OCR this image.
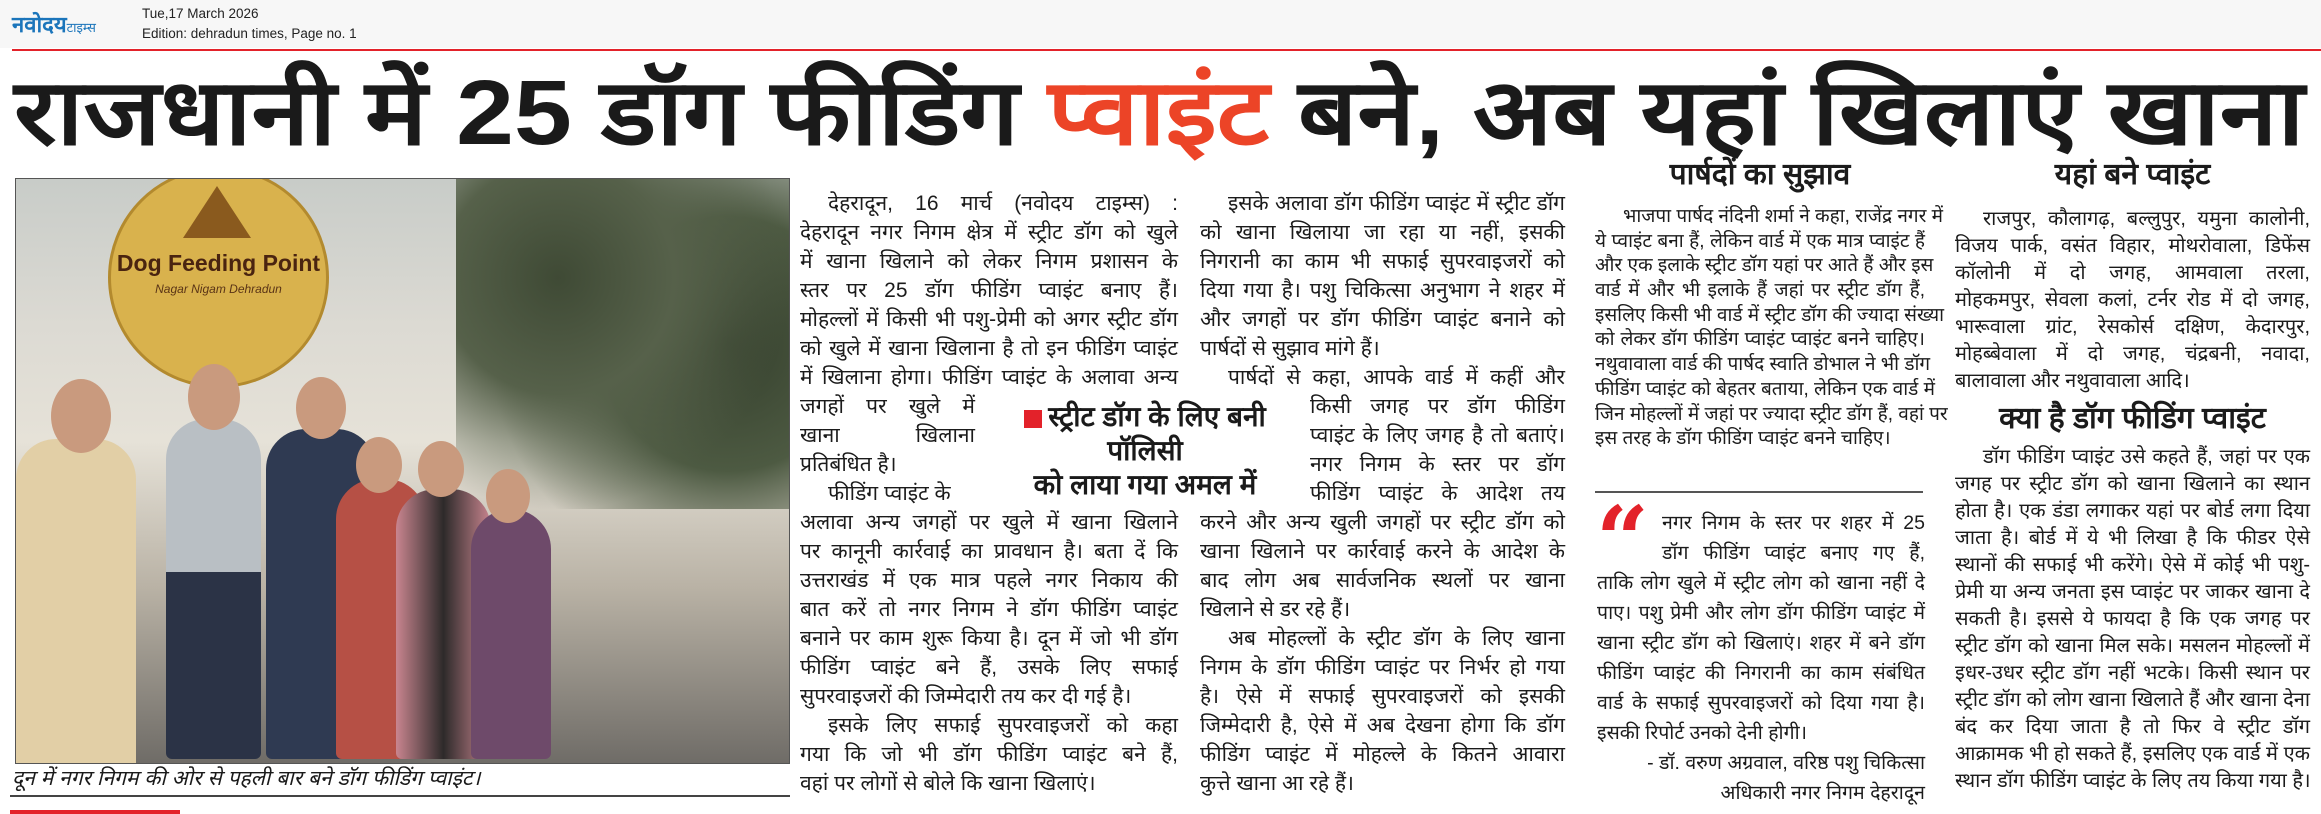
नवोदयटाइम्स
Tue,17 March 2026
Edition: dehradun times, Page no. 1
राजधानी में 25 डॉग फीडिंग प्वाइंट बने, अब यहां खिलाएं खाना
Dog Feeding Point
Nagar Nigam Dehradun
दून में नगर निगम की ओर से पहली बार बने डॉग फीडिंग प्वाइंट।
देहरादून, 16 मार्च (नवोदय टाइम्स) :
देहरादून नगर निगम क्षेत्र में स्ट्रीट डॉग को खुले
में खाना खिलाने को लेकर निगम प्रशासन के
स्तर पर 25 डॉग फीडिंग प्वाइंट बनाए हैं।
मोहल्लों में किसी भी पशु-प्रेमी को अगर स्ट्रीट डॉग
को खुले में खाना खिलाना है तो इन फीडिंग प्वाइंट
में खिलाना होगा। फीडिंग प्वाइंट के अलावा अन्य
जगहों पर खुले में
खाना खिलाना
प्रतिबंधित है।
फीडिंग प्वाइंट के
अलावा अन्य जगहों पर खुले में खाना खिलाने
पर कानूनी कार्रवाई का प्रावधान है। बता दें कि
उत्तराखंड में एक मात्र पहले नगर निकाय की
बात करें तो नगर निगम ने डॉग फीडिंग प्वाइंट
बनाने पर काम शुरू किया है। दून में जो भी डॉग
फीडिंग प्वाइंट बने हैं, उसके लिए सफाई
सुपरवाइजरों की जिम्मेदारी तय कर दी गई है।
इसके लिए सफाई सुपरवाइजरों को कहा
गया कि जो भी डॉग फीडिंग प्वाइंट बने हैं,
वहां पर लोगों से बोले कि खाना खिलाएं।
स्ट्रीट डॉग के लिए बनी पॉलिसी
को लाया गया अमल में
इसके अलावा डॉग फीडिंग प्वाइंट में स्ट्रीट डॉग
को खाना खिलाया जा रहा या नहीं, इसकी
निगरानी का काम भी सफाई सुपरवाइजरों को
दिया गया है। पशु चिकित्सा अनुभाग ने शहर में
और जगहों पर डॉग फीडिंग प्वाइंट बनाने को
पार्षदों से सुझाव मांगे हैं।
पार्षदों से कहा, आपके वार्ड में कहीं और
किसी जगह पर डॉग फीडिंग
प्वाइंट के लिए जगह है तो बताएं।
नगर निगम के स्तर पर डॉग
फीडिंग प्वाइंट के आदेश तय
करने और अन्य खुली जगहों पर स्ट्रीट डॉग को
खाना खिलाने पर कार्रवाई करने के आदेश के
बाद लोग अब सार्वजनिक स्थलों पर खाना
खिलाने से डर रहे हैं।
अब मोहल्लों के स्ट्रीट डॉग के लिए खाना
निगम के डॉग फीडिंग प्वाइंट पर निर्भर हो गया
है। ऐसे में सफाई सुपरवाइजरों को इसकी
जिम्मेदारी है, ऐसे में अब देखना होगा कि डॉग
फीडिंग प्वाइंट में मोहल्ले के कितने आवारा
कुत्ते खाना आ रहे हैं।
पार्षदों का सुझाव
भाजपा पार्षद नंदिनी शर्मा ने कहा, राजेंद्र नगर में
ये प्वाइंट बना हैं, लेकिन वार्ड में एक मात्र प्वाइंट हैं
और एक इलाके स्ट्रीट डॉग यहां पर आते हैं और इस
वार्ड में और भी इलाके हैं जहां पर स्ट्रीट डॉग हैं,
इसलिए किसी भी वार्ड में स्ट्रीट डॉग की ज्यादा संख्या
को लेकर डॉग फीडिंग प्वाइंट प्वाइंट बनने चाहिए।
नथुवावाला वार्ड की पार्षद स्वाति डोभाल ने भी डॉग
फीडिंग प्वाइंट को बेहतर बताया, लेकिन एक वार्ड में
जिन मोहल्लों में जहां पर ज्यादा स्ट्रीट डॉग हैं, वहां पर
इस तरह के डॉग फीडिंग प्वाइंट बनने चाहिए।
“ नगर निगम के स्तर पर शहर में 25
डॉग फीडिंग प्वाइंट बनाए गए हैं,
ताकि लोग खुले में स्ट्रीट लोग को खाना नहीं दे
पाए। पशु प्रेमी और लोग डॉग फीडिंग प्वाइंट में
खाना स्ट्रीट डॉग को खिलाएं। शहर में बने डॉग
फीडिंग प्वाइंट की निगरानी का काम संबंधित
वार्ड के सफाई सुपरवाइजरों को दिया गया है।
इसकी रिपोर्ट उनको देनी होगी।
- डॉ. वरुण अग्रवाल, वरिष्ठ पशु चिकित्सा
अधिकारी नगर निगम देहरादून
यहां बने प्वाइंट
राजपुर, कौलागढ़, बल्लुपुर, यमुना कालोनी,
विजय पार्क, वसंत विहार, मोथरोवाला, डिफेंस
कॉलोनी में दो जगह, आमवाला तरला,
मोहकमपुर, सेवला कलां, टर्नर रोड में दो जगह,
भारूवाला ग्रांट, रेसकोर्स दक्षिण, केदारपुर,
मोहब्बेवाला में दो जगह, चंद्रबनी, नवादा,
बालावाला और नथुवावाला आदि।
क्या है डॉग फीडिंग प्वाइंट
डॉग फीडिंग प्वाइंट उसे कहते हैं, जहां पर एक
जगह पर स्ट्रीट डॉग को खाना खिलाने का स्थान
होता है। एक डंडा लगाकर यहां पर बोर्ड लगा दिया
जाता है। बोर्ड में ये भी लिखा है कि फीडर ऐसे
स्थानों की सफाई भी करेंगे। ऐसे में कोई भी पशु-
प्रेमी या अन्य जनता इस प्वाइंट पर जाकर खाना दे
सकती है। इससे ये फायदा है कि एक जगह पर
स्ट्रीट डॉग को खाना मिल सके। मसलन मोहल्लों में
इधर-उधर स्ट्रीट डॉग नहीं भटके। किसी स्थान पर
स्ट्रीट डॉग को लोग खाना खिलाते हैं और खाना देना
बंद कर दिया जाता है तो फिर वे स्ट्रीट डॉग
आक्रामक भी हो सकते हैं, इसलिए एक वार्ड में एक
स्थान डॉग फीडिंग प्वाइंट के लिए तय किया गया है।
